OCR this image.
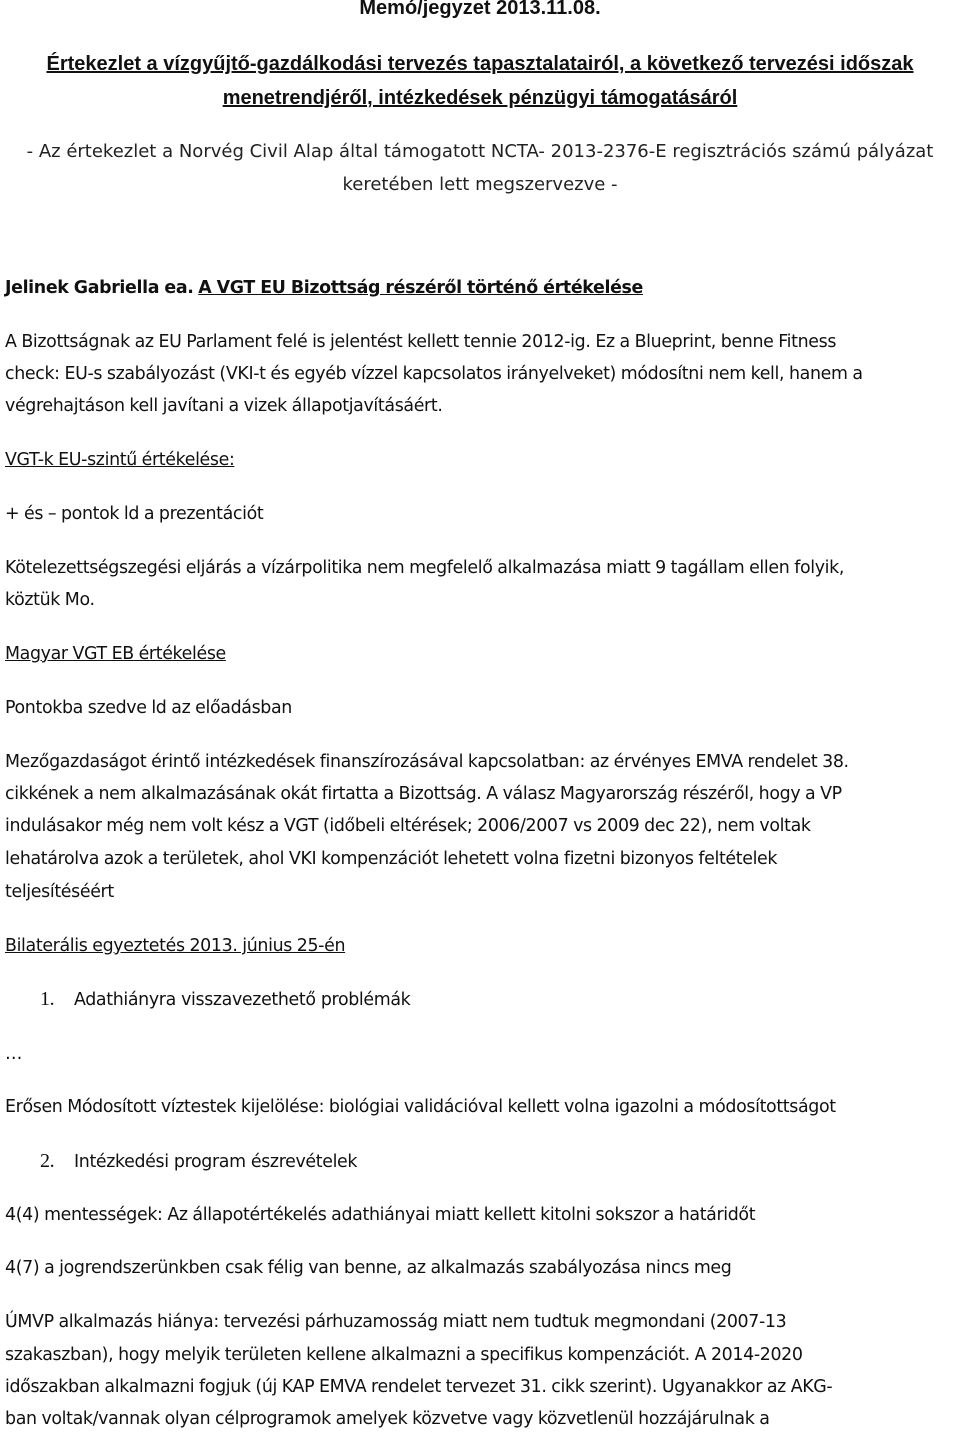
Memó/jegyzet 2013.11.08.
Értekezlet a vízgyűjtő-gazdálkodási tervezés tapasztalatairól, a következő tervezési időszak
menetrendjéről, intézkedések pénzügyi támogatásáról
- Az értekezlet a Norvég Civil Alap által támogatott NCTA- 2013-2376-E regisztrációs számú pályázat
keretében lett megszervezve -
Jelinek Gabriella ea. A VGT EU Bizottság részéről történő értékelése
A Bizottságnak az EU Parlament felé is jelentést kellett tennie 2012-ig. Ez a Blueprint, benne Fitness
check: EU-s szabályozást (VKI-t és egyéb vízzel kapcsolatos irányelveket) módosítni nem kell, hanem a
végrehajtáson kell javítani a vizek állapotjavításáért.
VGT-k EU-szintű értékelése:
+ és – pontok ld a prezentációt
Kötelezettségszegési eljárás a vízárpolitika nem megfelelő alkalmazása miatt 9 tagállam ellen folyik,
köztük Mo.
Magyar VGT EB értékelése
Pontokba szedve ld az előadásban
Mezőgazdaságot érintő intézkedések finanszírozásával kapcsolatban: az érvényes EMVA rendelet 38.
cikkének a nem alkalmazásának okát firtatta a Bizottság. A válasz Magyarország részéről, hogy a VP
indulásakor még nem volt kész a VGT (időbeli eltérések; 2006/2007 vs 2009 dec 22), nem voltak
lehatárolva azok a területek, ahol VKI kompenzációt lehetett volna fizetni bizonyos feltételek
teljesítéséért
Bilaterális egyeztetés 2013. június 25-én
1. Adathiányra visszavezethető problémák
…
Erősen Módosított víztestek kijelölése: biológiai validációval kellett volna igazolni a módosítottságot
2. Intézkedési program észrevételek
4(4) mentességek: Az állapotértékelés adathiányai miatt kellett kitolni sokszor a határidőt
4(7) a jogrendszerünkben csak félig van benne, az alkalmazás szabályozása nincs meg
ÚMVP alkalmazás hiánya: tervezési párhuzamosság miatt nem tudtuk megmondani (2007-13
szakaszban), hogy melyik területen kellene alkalmazni a specifikus kompenzációt. A 2014-2020
időszakban alkalmazni fogjuk (új KAP EMVA rendelet tervezet 31. cikk szerint). Ugyanakkor az AKG-
ban voltak/vannak olyan célprogramok amelyek közvetve vagy közvetlenül hozzájárulnak a
